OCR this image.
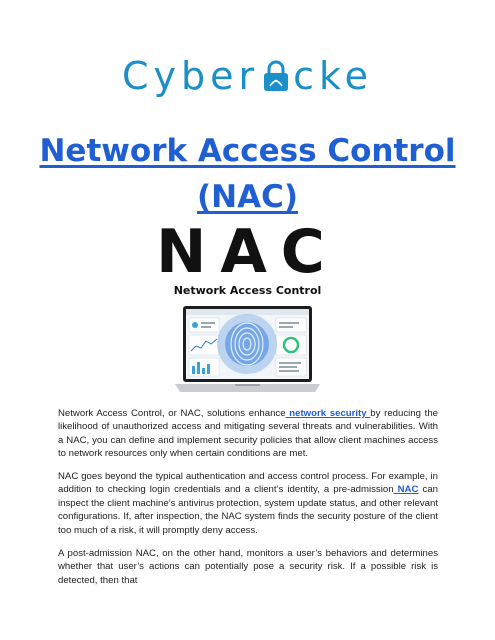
Cyber cke
Network Access Control (NAC)
NAC
Network Access Control

Network Access Control, or NAC, solutions enhance network security by reducing the likelihood of unauthorized access and mitigating several threats and vulnerabilities. With a NAC, you can define and implement security policies that allow client machines access to network resources only when certain conditions are met.

NAC goes beyond the typical authentication and access control process. For example, in addition to checking login credentials and a client’s identity, a pre-admission NAC can inspect the client machine’s antivirus protection, system update status, and other relevant configurations. If, after inspection, the NAC system finds the security posture of the client too much of a risk, it will promptly deny access.

A post-admission NAC, on the other hand, monitors a user’s behaviors and determines whether that user’s actions can potentially pose a security risk. If a possible risk is detected, then that
